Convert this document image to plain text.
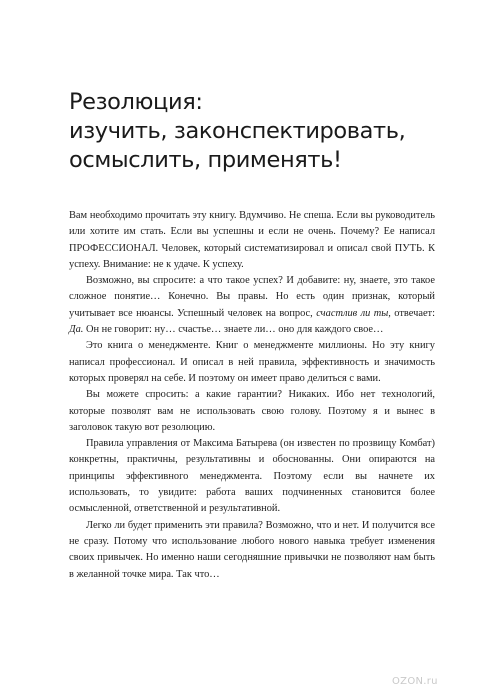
Резолюция:
изучить, законспектировать,
осмыслить, применять!

Вам необходимо прочитать эту книгу. Вдумчиво. Не спеша. Если вы руководитель или хотите им стать. Если вы успешны и если не очень. Почему? Ее написал ПРОФЕССИОНАЛ. Человек, который систематизировал и описал свой ПУТЬ. К успеху. Внимание: не к удаче. К успеху.

Возможно, вы спросите: а что такое успех? И добавите: ну, знаете, это такое сложное понятие… Конечно. Вы правы. Но есть один признак, который учитывает все нюансы. Успешный человек на вопрос, счастлив ли ты, отвечает: Да. Он не говорит: ну… счастье… знаете ли… оно для каждого свое…

Это книга о менеджменте. Книг о менеджменте миллионы. Но эту книгу написал профессионал. И описал в ней правила, эффективность и значимость которых проверял на себе. И поэтому он имеет право делиться с вами.

Вы можете спросить: а какие гарантии? Никаких. Ибо нет технологий, которые позволят вам не использовать свою голову. Поэтому я и вынес в заголовок такую вот резолюцию.

Правила управления от Максима Батырева (он известен по прозвищу Комбат) конкретны, практичны, результативны и обоснованны. Они опираются на принципы эффективного менеджмента. Поэтому если вы начнете их использовать, то увидите: работа ваших подчиненных становится более осмысленной, ответственной и результативной.

Легко ли будет применить эти правила? Возможно, что и нет. И получится все не сразу. Потому что использование любого нового навыка требует изменения своих привычек. Но именно наши сегодняшние привычки не позволяют нам быть в желанной точке мира. Так что…

OZON.ru
